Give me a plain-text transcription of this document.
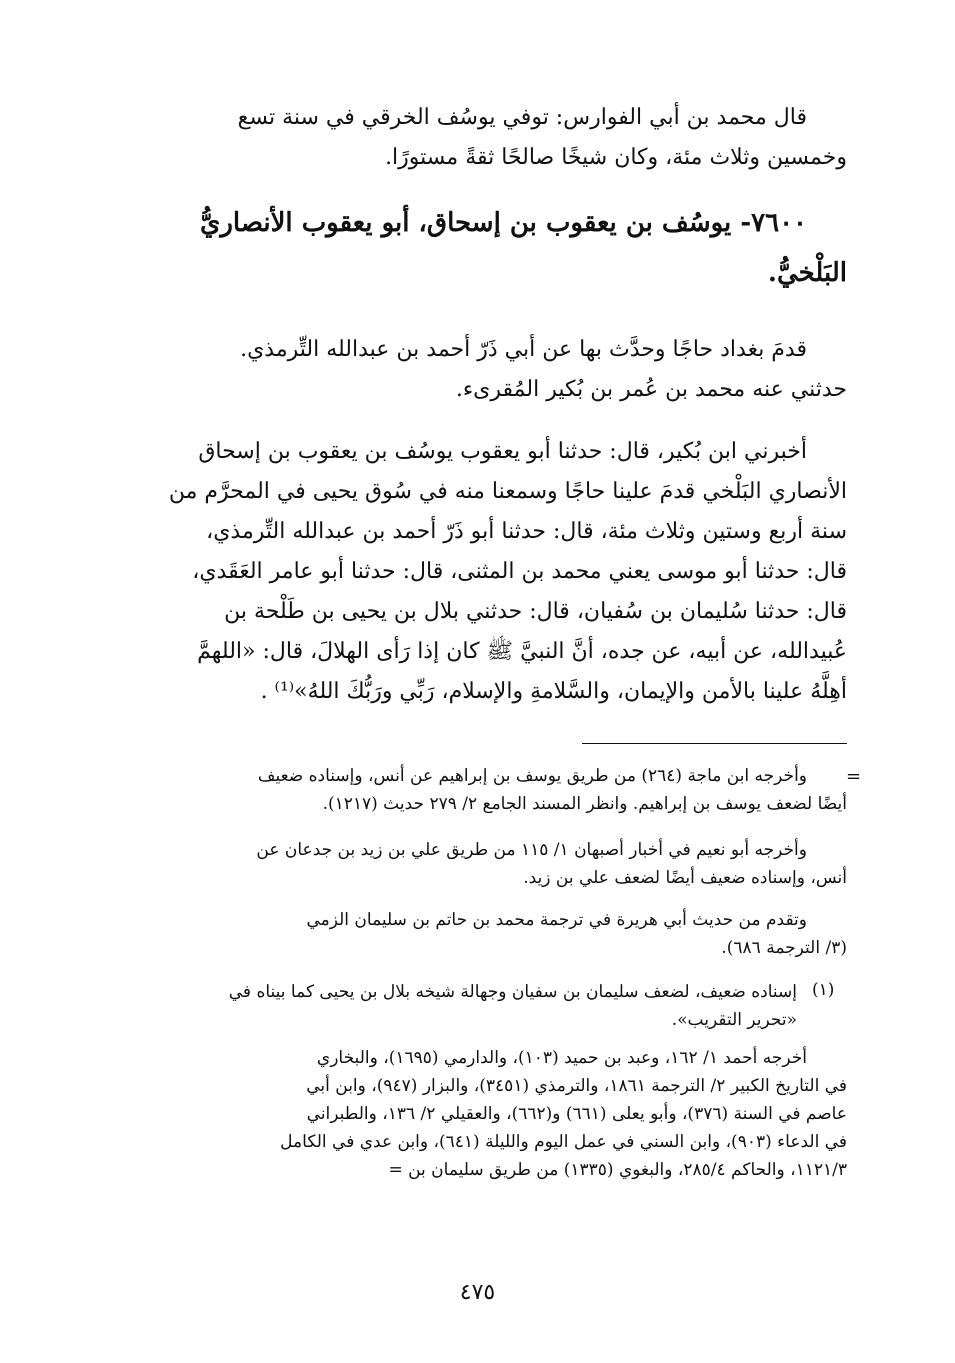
قال محمد بن أبي الفوارس: توفي يوسُف الخرقي في سنة تسع
وخمسين وثلاث مئة، وكان شيخًا صالحًا ثقةً مستورًا.
٧٦٠٠- يوسُف بن يعقوب بن إسحاق، أبو يعقوب الأنصاريُّ
البَلْخيُّ.
قدمَ بغداد حاجًا وحدَّث بها عن أبي ذَرّ أحمد بن عبدالله التِّرمذي.
حدثني عنه محمد بن عُمر بن بُكير المُقرىء.
أخبرني ابن بُكير، قال: حدثنا أبو يعقوب يوسُف بن يعقوب بن إسحاق
الأنصاري البَلْخي قدمَ علينا حاجًا وسمعنا منه في سُوق يحيى في المحرَّم من
سنة أربع وستين وثلاث مئة، قال: حدثنا أبو ذَرّ أحمد بن عبدالله التِّرمذي،
قال: حدثنا أبو موسى يعني محمد بن المثنى، قال: حدثنا أبو عامر العَقَدي،
قال: حدثنا سُليمان بن سُفيان، قال: حدثني بلال بن يحيى بن طَلْحة بن
عُبيدالله، عن أبيه، عن جده، أنَّ النبيَّ ﷺ كان إذا رَأى الهلالَ، قال: «اللهمَّ
أهِلَّهُ علينا بالأمن والإيمان، والسَّلامةِ والإسلام، رَبِّي ورَبُّكَ اللهُ»⁽¹⁾ .
=
وأخرجه ابن ماجة (٢٦٤) من طريق يوسف بن إبراهيم عن أنس، وإسناده ضعيف
أيضًا لضعف يوسف بن إبراهيم. وانظر المسند الجامع ٢/ ٢٧٩ حديث (١٢١٧).
وأخرجه أبو نعيم في أخبار أصبهان ١/ ١١٥ من طريق علي بن زيد بن جدعان عن
أنس، وإسناده ضعيف أيضًا لضعف علي بن زيد.
وتقدم من حديث أبي هريرة في ترجمة محمد بن حاتم بن سليمان الزمي
(٣/ الترجمة ٦٨٦).
(١)
إسناده ضعيف، لضعف سليمان بن سفيان وجهالة شيخه بلال بن يحيى كما بيناه في
«تحرير التقريب».
أخرجه أحمد ١/ ١٦٢، وعبد بن حميد (١٠٣)، والدارمي (١٦٩٥)، والبخاري
في التاريخ الكبير ٢/ الترجمة ١٨٦١، والترمذي (٣٤٥١)، والبزار (٩٤٧)، وابن أبي
عاصم في السنة (٣٧٦)، وأبو يعلى (٦٦١) و(٦٦٢)، والعقيلي ٢/ ١٣٦، والطبراني
في الدعاء (٩٠٣)، وابن السني في عمل اليوم والليلة (٦٤١)، وابن عدي في الكامل
١١٢١/٣، والحاكم ٢٨٥/٤، والبغوي (١٣٣٥) من طريق سليمان بن =
٤٧٥
